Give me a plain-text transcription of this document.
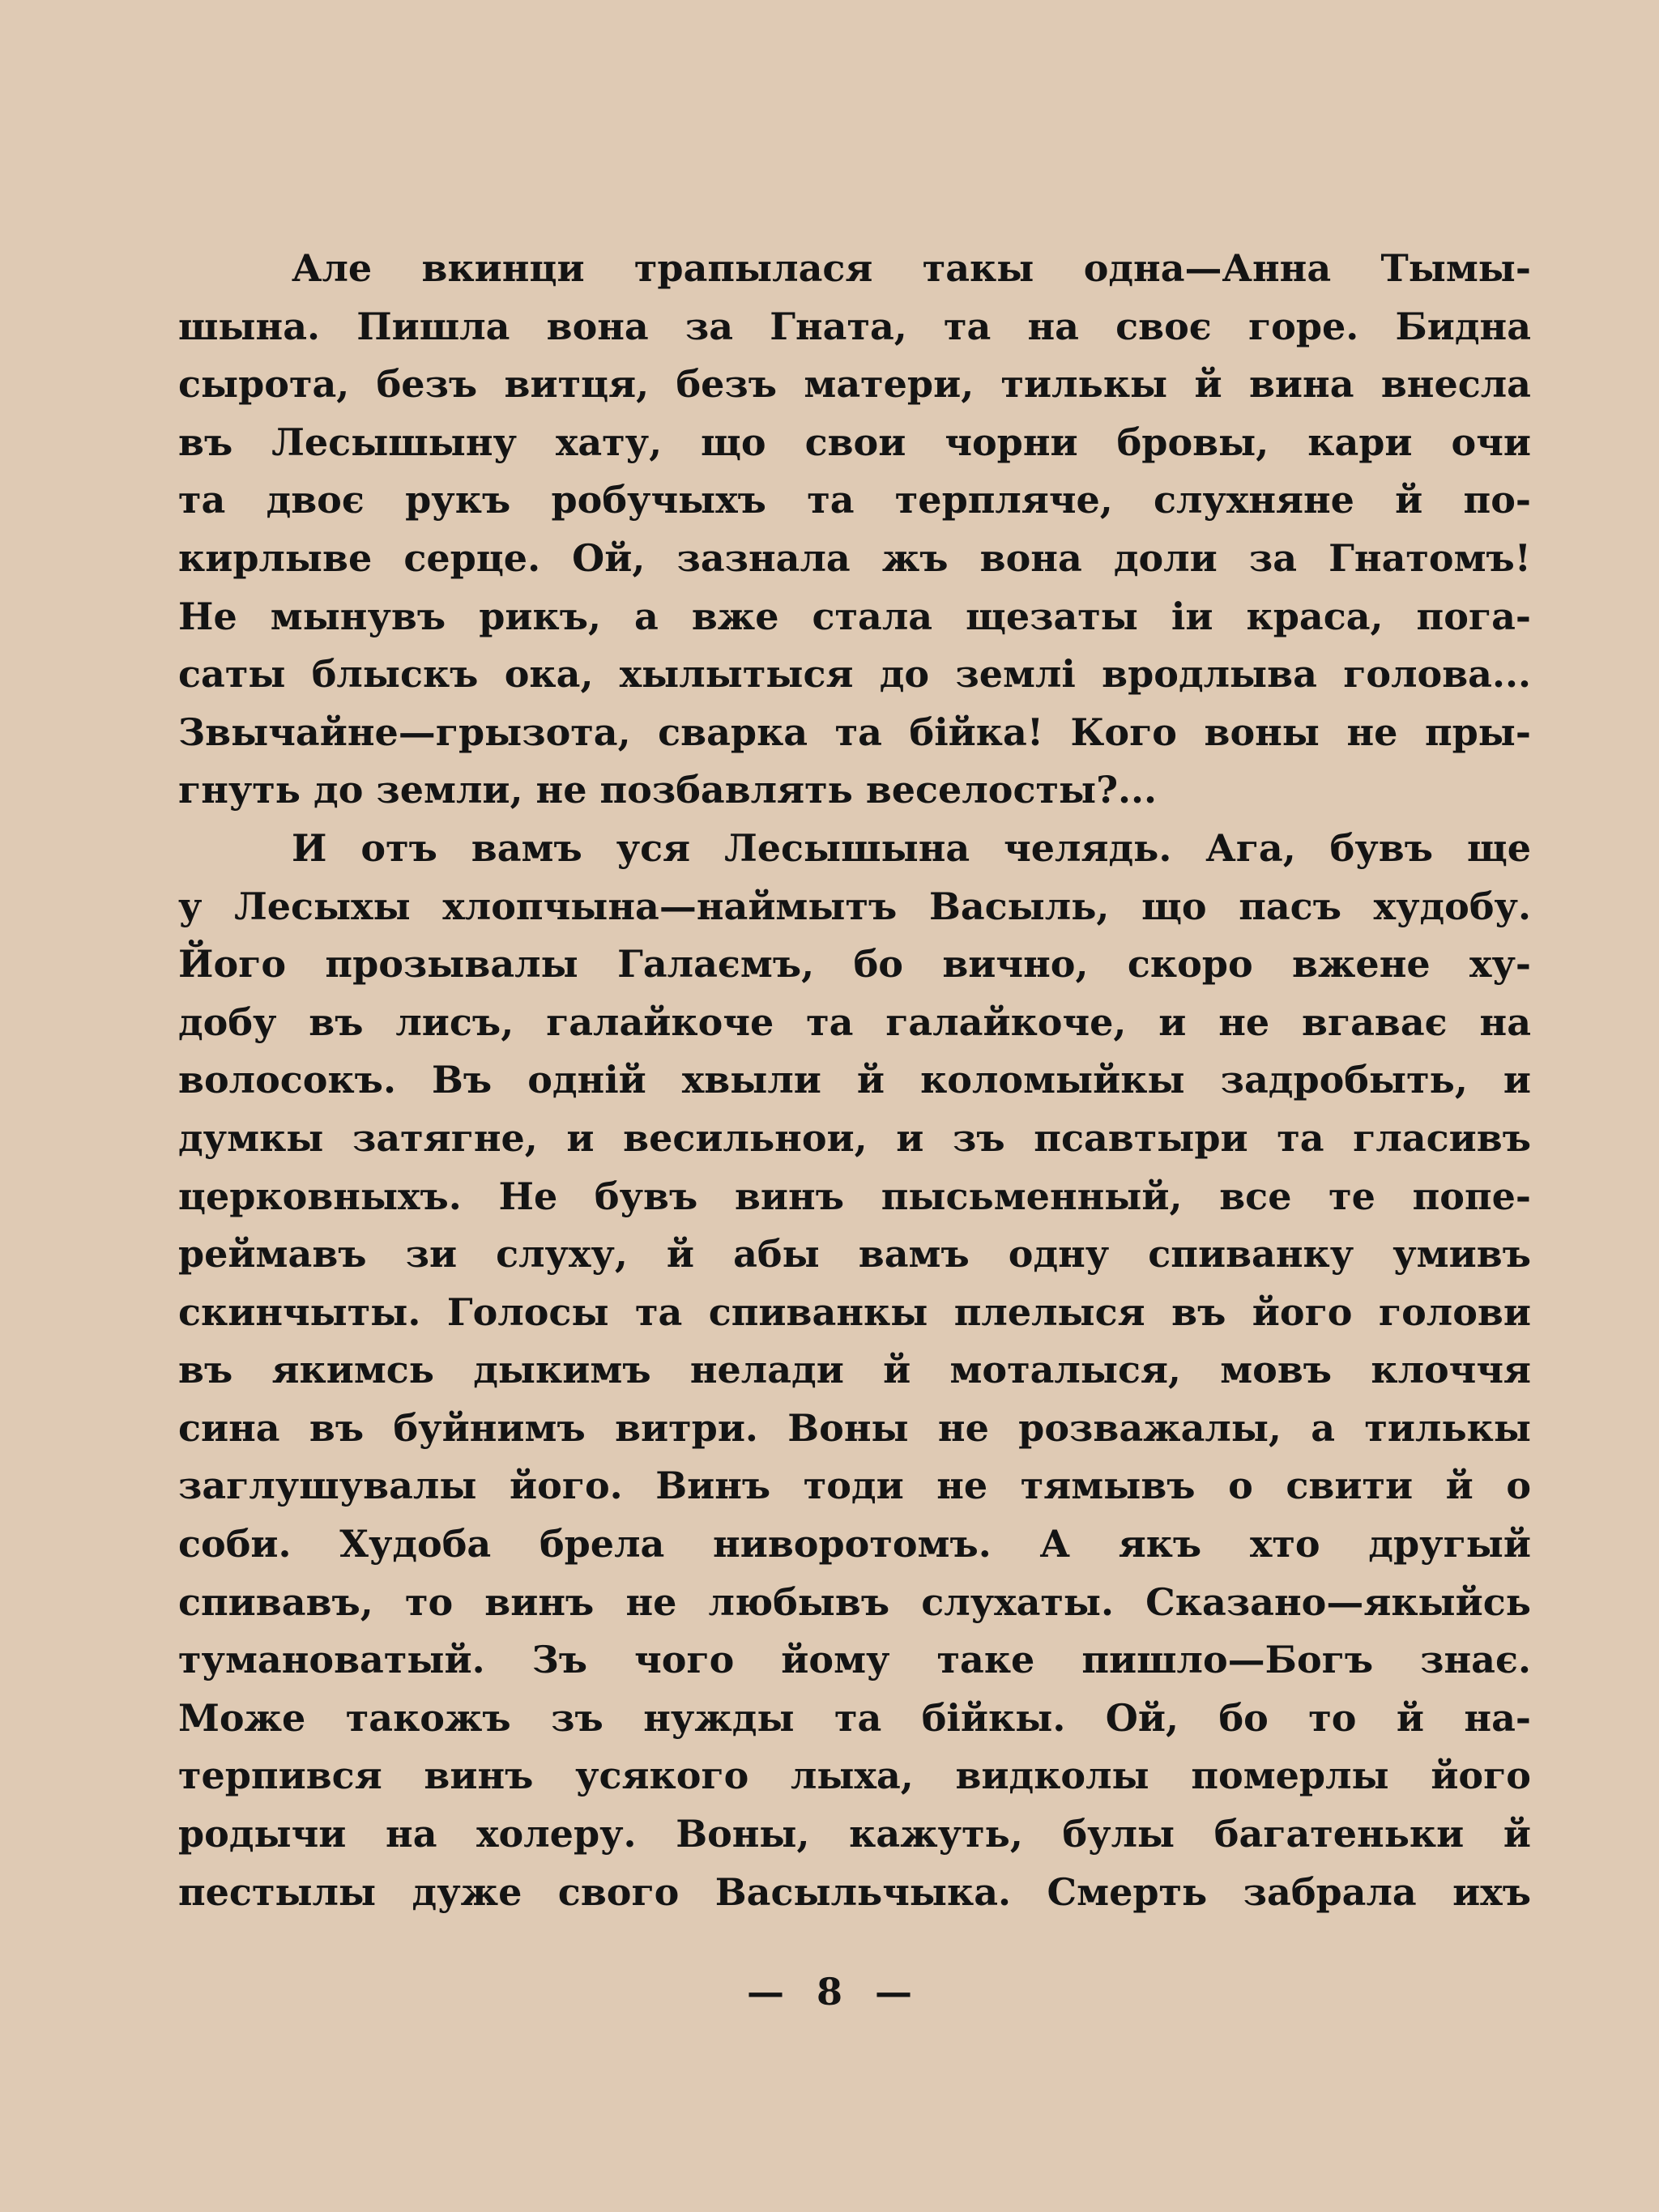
Але вкинци трапылася такы одна—Анна Тымы-
шына. Пишла вона за Гната, та на своє горе. Бидна
сырота, безъ витця, безъ матери, тилькы й вина внесла
въ Лесышыну хату, що свои чорни бровы, кари очи
та двоє рукъ робучыхъ та терпляче, слухняне й по-
кирлыве серце. Ой, зазнала жъ вона доли за Гнатомъ!
Не мынувъ рикъ, а вже стала щезаты іи краса, пога-
саты блыскъ ока, хылытыся до землі вродлыва голова...
Звычайне—грызота, сварка та бійка! Кого воны не пры-
гнуть до земли, не позбавлять веселосты?...
И отъ вамъ уся Лесышына челядь. Ага, бувъ ще
у Лесыхы хлопчына—наймытъ Васыль, що пасъ худобу.
Його прозывалы Галаємъ, бо вично, скоро вжене ху-
добу въ лисъ, галайкоче та галайкоче, и не вгаває на
волосокъ. Въ одній хвыли й коломыйкы задробыть, и
думкы затягне, и весильнои, и зъ псавтыри та гласивъ
церковныхъ. Не бувъ винъ пысьменный, все те попе-
реймавъ зи слуху, й абы вамъ одну спиванку умивъ
скинчыты. Голосы та спиванкы плелыся въ його голови
въ якимсь дыкимъ нелади й моталыся, мовъ клоччя
сина въ буйнимъ витри. Воны не розважалы, а тилькы
заглушувалы його. Винъ тоди не тямывъ о свити й о
соби. Худоба брела ниворотомъ. А якъ хто другый
спивавъ, то винъ не любывъ слухаты. Сказано—якыйсь
тумановатый. Зъ чого йому таке пишло—Богъ знає.
Може такожъ зъ нужды та бійкы. Ой, бо то й на-
терпився винъ усякого лыха, видколы померлы його
родычи на холеру. Воны, кажуть, булы багатеньки й
пестылы дуже свого Васыльчыка. Смерть забрала ихъ
— 8 —
